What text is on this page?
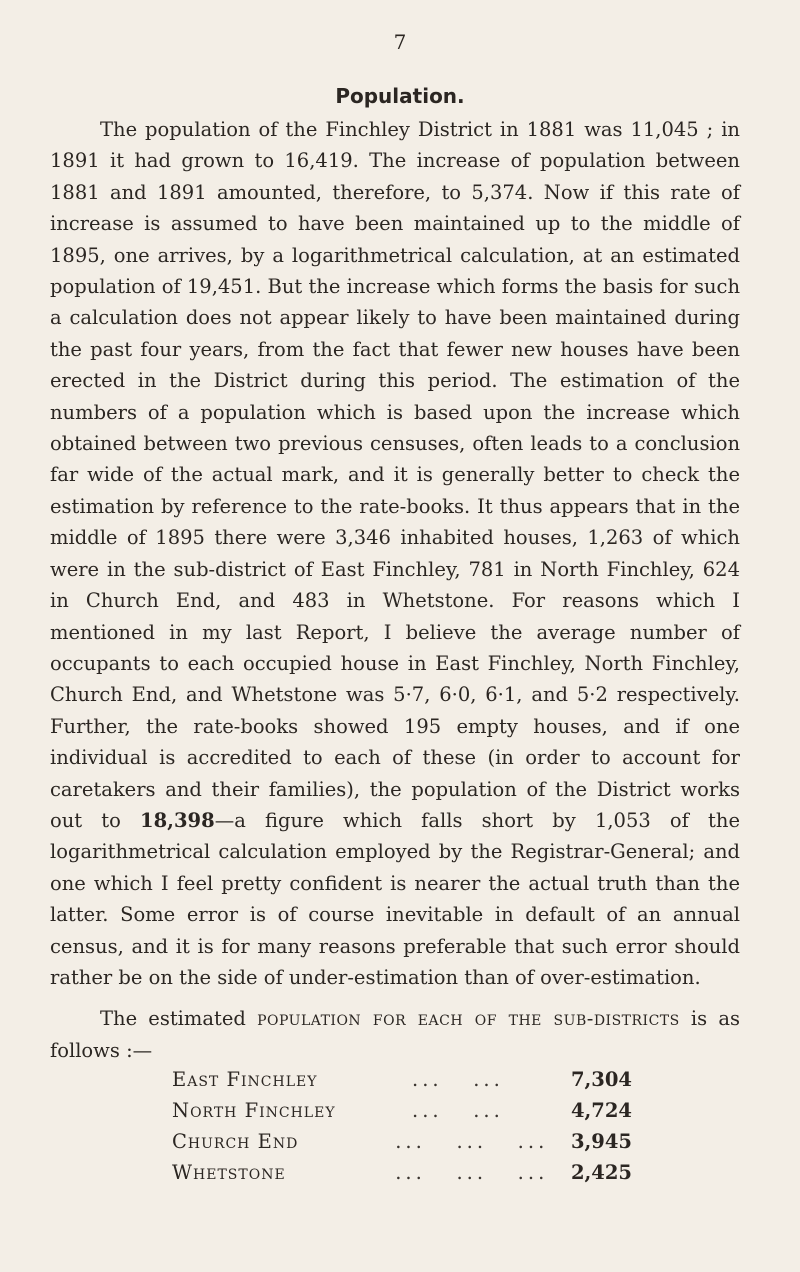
7
Population.

The population of the Finchley District in 1881 was 11,045 ; in 1891 it had grown to 16,419. The increase of population between 1881 and 1891 amounted, therefore, to 5,374. Now if this rate of increase is assumed to have been maintained up to the middle of 1895, one arrives, by a logarithmetrical calculation, at an estimated population of 19,451. But the increase which forms the basis for such a calculation does not appear likely to have been maintained during the past four years, from the fact that fewer new houses have been erected in the District during this period. The estimation of the numbers of a population which is based upon the increase which obtained between two previous censuses, often leads to a conclusion far wide of the actual mark, and it is generally better to check the estimation by reference to the rate-books. It thus appears that in the middle of 1895 there were 3,346 inhabited houses, 1,263 of which were in the sub-district of East Finchley, 781 in North Finchley, 624 in Church End, and 483 in Whetstone. For reasons which I mentioned in my last Report, I believe the average number of occupants to each occupied house in East Finchley, North Finchley, Church End, and Whetstone was 5·7, 6·0, 6·1, and 5·2 respectively. Further, the rate-books showed 195 empty houses, and if one individual is accredited to each of these (in order to account for caretakers and their families), the population of the District works out to 18,398—a figure which falls short by 1,053 of the logarithmetrical calculation employed by the Registrar-General; and one which I feel pretty confident is nearer the actual truth than the latter. Some error is of course inevitable in default of an annual census, and it is for many reasons preferable that such error should rather be on the side of under-estimation than of over-estimation.

The estimated population for each of the sub-districts is as follows :—

East Finchley	... ...	7,304
North Finchley	... ...	4,724
Church End	... ... ...	3,945
Whetstone	... ... ...	2,425
